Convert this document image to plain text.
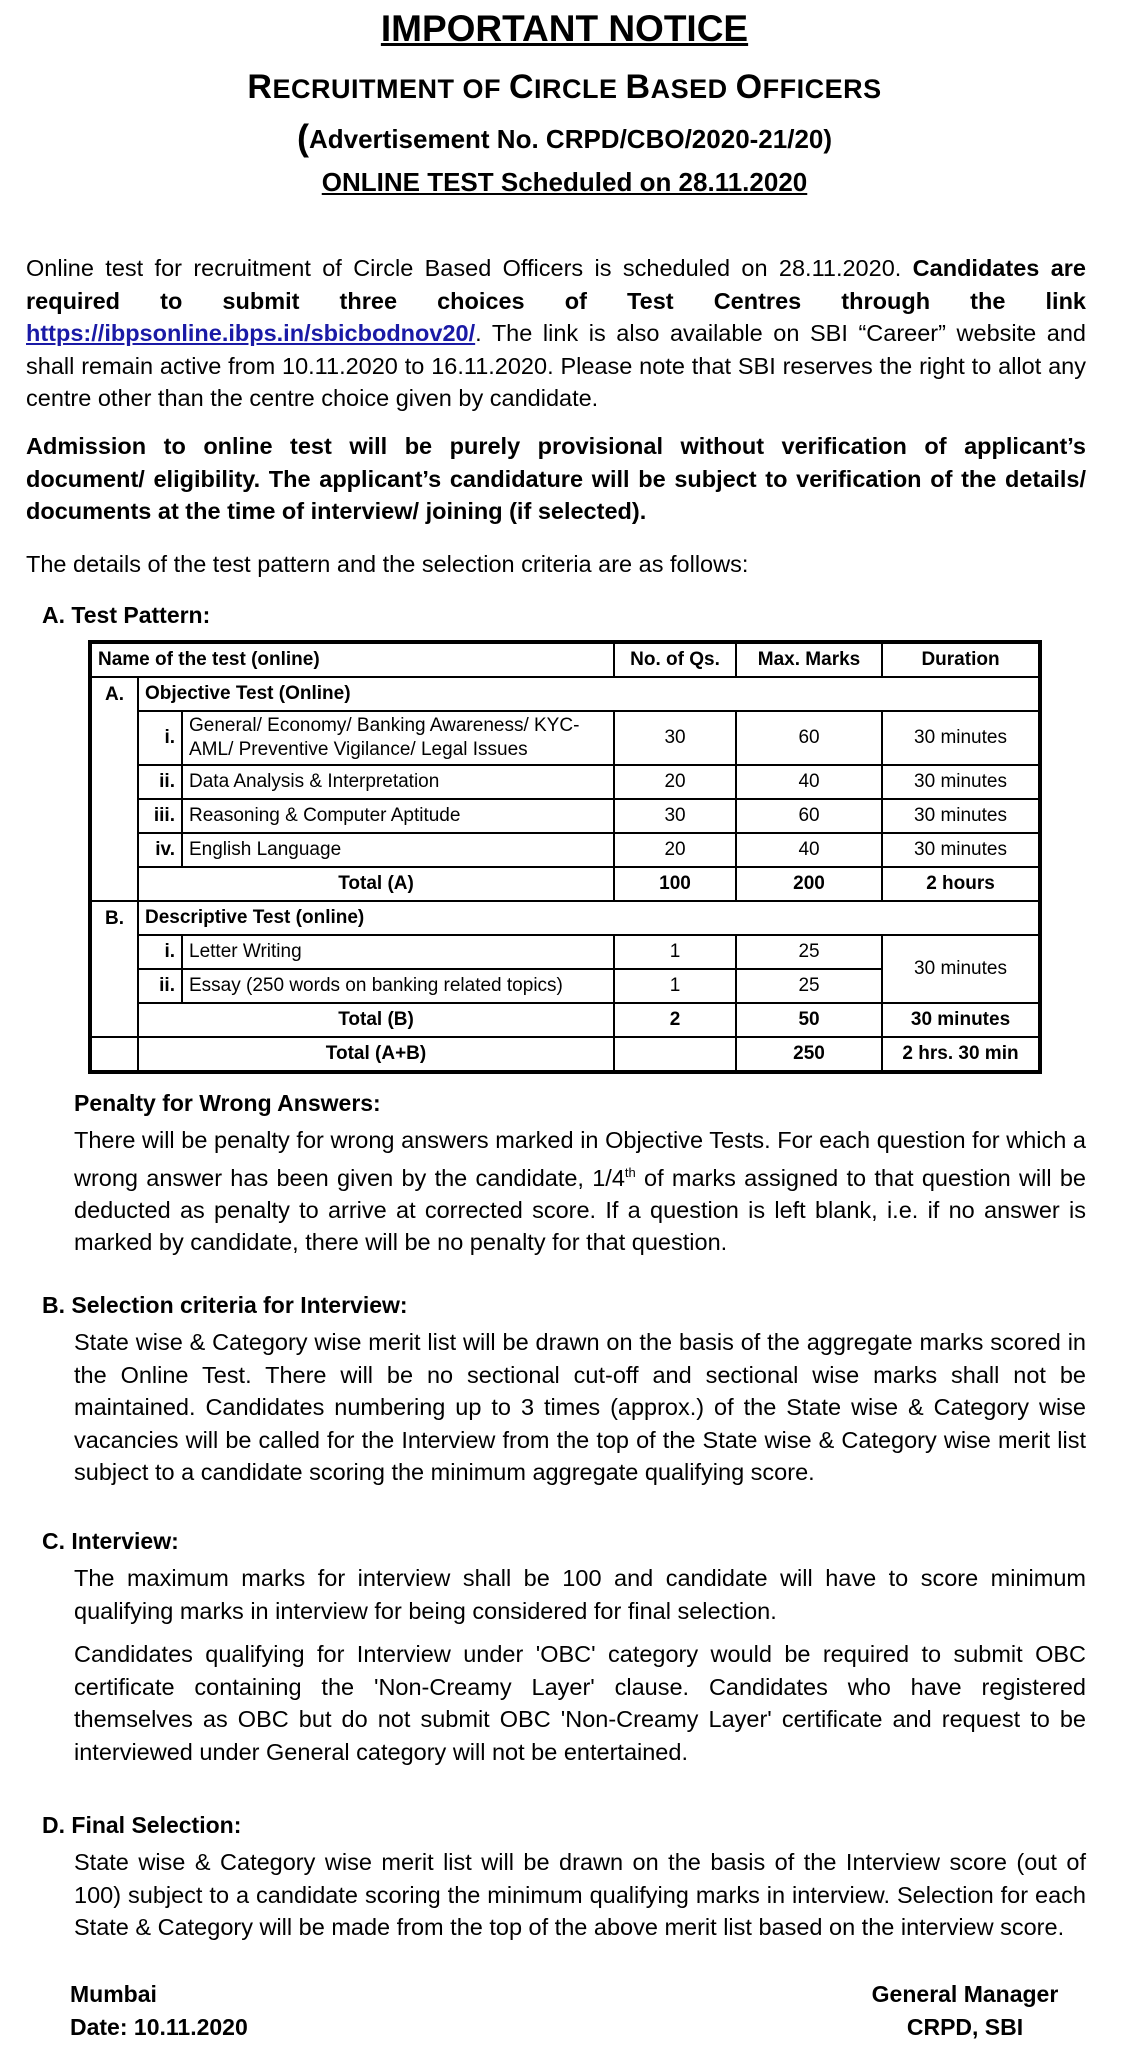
IMPORTANT NOTICE
RECRUITMENT OF CIRCLE BASED OFFICERS
(Advertisement No. CRPD/CBO/2020-21/20)
ONLINE TEST Scheduled on 28.11.2020
Online test for recruitment of Circle Based Officers is scheduled on 28.11.2020. Candidates are required to submit three choices of Test Centres through the link https://ibpsonline.ibps.in/sbicbodnov20/. The link is also available on SBI “Career” website and shall remain active from 10.11.2020 to 16.11.2020. Please note that SBI reserves the right to allot any centre other than the centre choice given by candidate.
Admission to online test will be purely provisional without verification of applicant’s document/ eligibility. The applicant’s candidature will be subject to verification of the details/ documents at the time of interview/ joining (if selected).
The details of the test pattern and the selection criteria are as follows:
A. Test Pattern:
Name of the test (online)			No. of Qs.	Max. Marks	Duration
A.	Objective Test (Online)				
	i.	General/ Economy/ Banking Awareness/ KYC-AML/ Preventive Vigilance/ Legal Issues	30	60	30 minutes
	ii.	Data Analysis & Interpretation	20	40	30 minutes
	iii.	Reasoning & Computer Aptitude	30	60	30 minutes
	iv.	English Language	20	40	30 minutes
	Total (A)		100	200	2 hours
B.	Descriptive Test (online)				
	i.	Letter Writing	1	25	30 minutes
	ii.	Essay (250 words on banking related topics)	1	25	
	Total (B)		2	50	30 minutes
	Total (A+B)			250	2 hrs. 30 min
Penalty for Wrong Answers:
There will be penalty for wrong answers marked in Objective Tests. For each question for which a wrong answer has been given by the candidate, 1/4th of marks assigned to that question will be deducted as penalty to arrive at corrected score. If a question is left blank, i.e. if no answer is marked by candidate, there will be no penalty for that question.
B. Selection criteria for Interview:
State wise & Category wise merit list will be drawn on the basis of the aggregate marks scored in the Online Test. There will be no sectional cut-off and sectional wise marks shall not be maintained. Candidates numbering up to 3 times (approx.) of the State wise & Category wise vacancies will be called for the Interview from the top of the State wise & Category wise merit list subject to a candidate scoring the minimum aggregate qualifying score.
C. Interview:
The maximum marks for interview shall be 100 and candidate will have to score minimum qualifying marks in interview for being considered for final selection.
Candidates qualifying for Interview under 'OBC' category would be required to submit OBC certificate containing the 'Non-Creamy Layer' clause. Candidates who have registered themselves as OBC but do not submit OBC 'Non-Creamy Layer' certificate and request to be interviewed under General category will not be entertained.
D. Final Selection:
State wise & Category wise merit list will be drawn on the basis of the Interview score (out of 100) subject to a candidate scoring the minimum qualifying marks in interview. Selection for each State & Category will be made from the top of the above merit list based on the interview score.
Mumbai
Date: 10.11.2020
General Manager
CRPD, SBI
